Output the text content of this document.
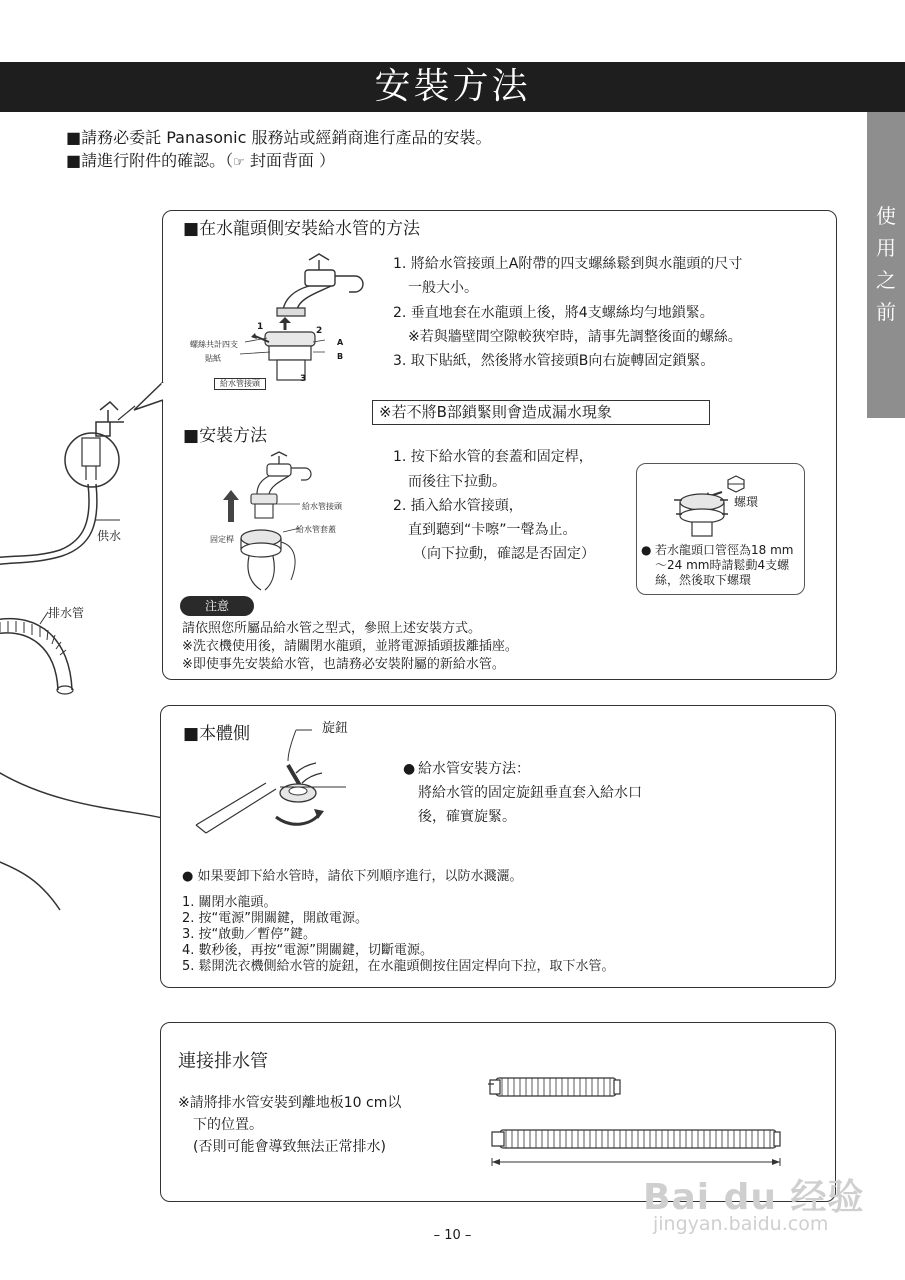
安裝方法
使
用
之
前
■ 請務必委託 Panasonic 服務站或經銷商進行產品的安裝。
■ 請進行附件的確認。（☞ 封面背面 ）
供水
排水管
■ 在水龍頭側安裝給水管的方法
螺絲共計四支
貼紙
給水管接頭
1	2
3
A
B
1. 將給水管接頭上A附帶的四支螺絲鬆到與水龍頭的尺寸
一般大小。
2. 垂直地套在水龍頭上後，將4支螺絲均勻地鎖緊。
※若與牆壁間空隙較狹窄時，請事先調整後面的螺絲。
3. 取下貼紙，然後將水管接頭B向右旋轉固定鎖緊。
※若不將B部鎖緊則會造成漏水現象
■ 安裝方法
給水管接頭
給水管套蓋
固定桿
1. 按下給水管的套蓋和固定桿，
而後往下拉動。
2. 插入給水管接頭，
直到聽到“卡嚓”一聲為止。
（向下拉動，確認是否固定）
螺環
● 若水龍頭口管徑為18 mm
～24 mm時請鬆動4支螺
絲，然後取下螺環
注意
請依照您所屬品給水管之型式，參照上述安裝方式。
※洗衣機使用後，請關閉水龍頭，並將電源插頭拔離插座。
※即使事先安裝給水管，也請務必安裝附屬的新給水管。
■ 本體側	旋鈕
● 給水管安裝方法：
將給水管的固定旋鈕垂直套入給水口
後，確實旋緊。
● 如果要卸下給水管時，請依下列順序進行，以防水濺灑。
1. 關閉水龍頭。
2. 按“電源”開關鍵，開啟電源。
3. 按“啟動／暫停”鍵。
4. 數秒後，再按“電源”開關鍵，切斷電源。
5. 鬆開洗衣機側給水管的旋鈕，在水龍頭側按住固定桿向下拉，取下水管。
連接排水管
※請將排水管安裝到離地板10 cm以
下的位置。
(否則可能會導致無法正常排水)
Bai du 经验
jingyan.baidu.com
– 10 –
